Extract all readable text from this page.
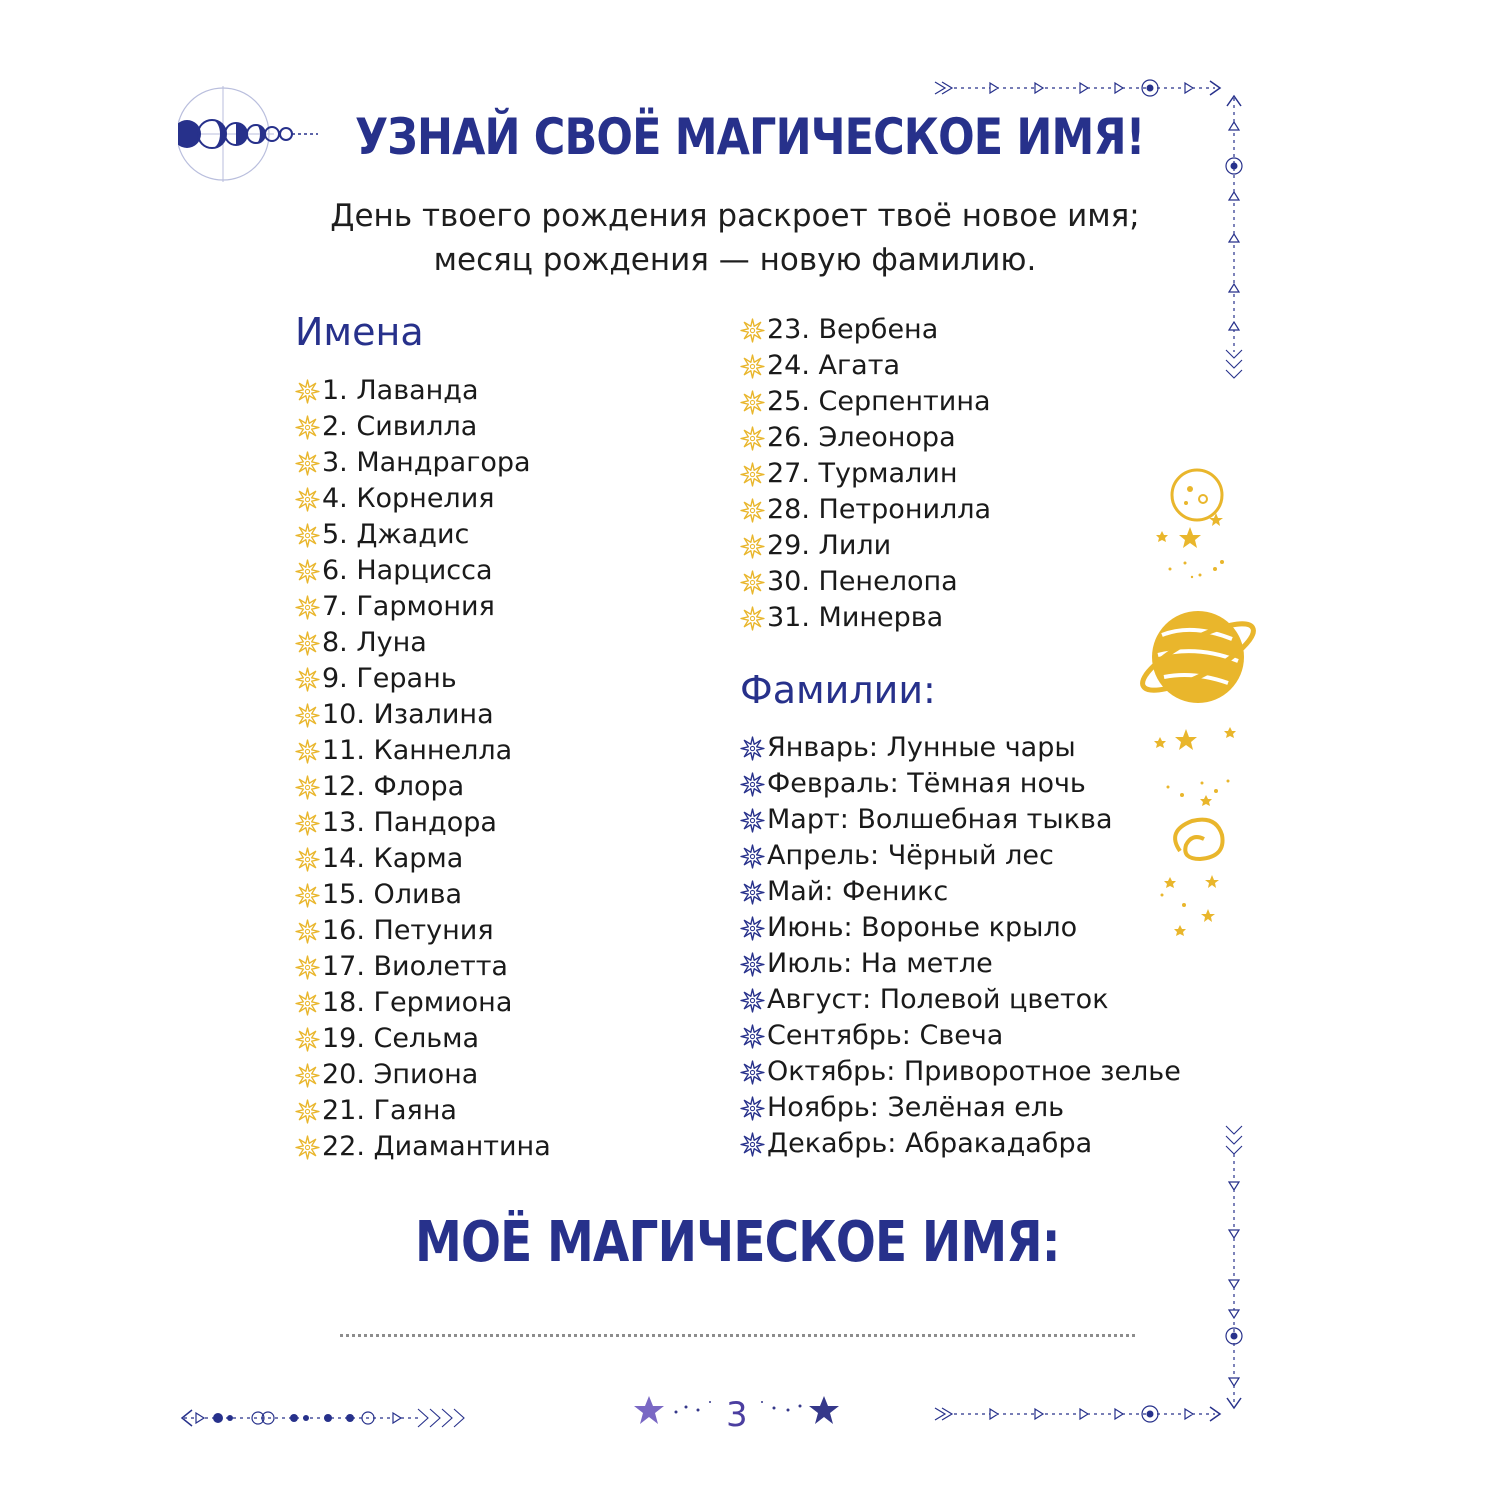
УЗНАЙ СВОЁ МАГИЧЕСКОЕ ИМЯ!
День твоего рождения раскроет твоё новое имя;
месяц рождения — новую фамилию.
Имена
1. Лаванда
2. Сивилла
3. Мандрагора
4. Корнелия
5. Джадис
6. Нарцисса
7. Гармония
8. Луна
9. Герань
10. Изалина
11. Каннелла
12. Флора
13. Пандора
14. Карма
15. Олива
16. Петуния
17. Виолетта
18. Гермиона
19. Сельма
20. Эпиона
21. Гаяна
22. Диамантина
23. Вербена
24. Агата
25. Серпентина
26. Элеонора
27. Турмалин
28. Петронилла
29. Лили
30. Пенелопа
31. Минерва
Фамилии:
Январь: Лунные чары
Февраль: Тёмная ночь
Март: Волшебная тыква
Апрель: Чёрный лес
Май: Феникс
Июнь: Воронье крыло
Июль: На метле
Август: Полевой цветок
Сентябрь: Свеча
Октябрь: Приворотное зелье
Ноябрь: Зелёная ель
Декабрь: Абракадабра
МОЁ МАГИЧЕСКОЕ ИМЯ:
3
